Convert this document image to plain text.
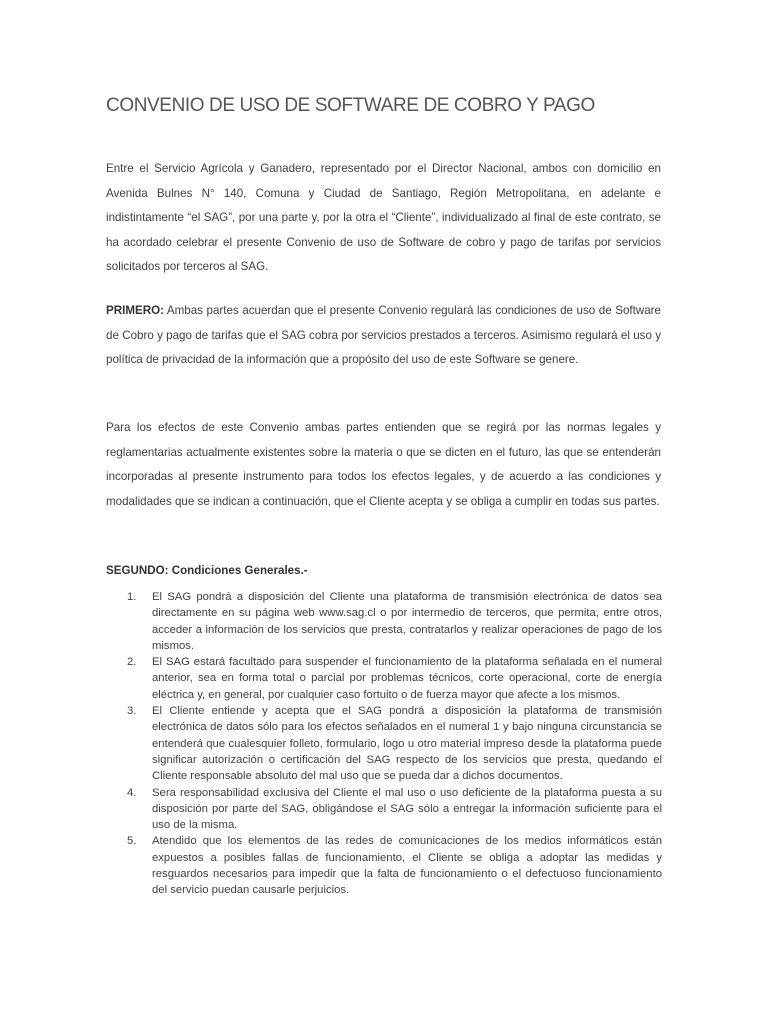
CONVENIO DE USO DE SOFTWARE DE COBRO Y PAGO

Entre el Servicio Agrícola y Ganadero, representado por el Director Nacional, ambos con domicilio en Avenida Bulnes N° 140, Comuna y Ciudad de Santiago, Región Metropolitana, en adelante e indistintamente “el SAG”, por una parte y, por la otra el “Cliente”, individualizado al final de este contrato, se ha acordado celebrar el presente Convenio de uso de Software de cobro y pago de tarifas por servicios solicitados por terceros al SAG.

PRIMERO: Ambas partes acuerdan que el presente Convenio regulará las condiciones de uso de Software de Cobro y pago de tarifas que el SAG cobra por servicios prestados a terceros. Asimismo regulará el uso y política de privacidad de la información que a propósito del uso de este Software se genere.

Para los efectos de este Convenio ambas partes entienden que se regirá por las normas legales y reglamentarias actualmente existentes sobre la materia o que se dicten en el futuro, las que se entenderán incorporadas al presente instrumento para todos los efectos legales, y de acuerdo a las condiciones y modalidades que se indican a continuación, que el Cliente acepta y se obliga a cumplir en todas sus partes.

SEGUNDO: Condiciones Generales.-
1. El SAG pondrá a disposición del Cliente una plataforma de transmisión electrónica de datos sea directamente en su página web www.sag.cl o por intermedio de terceros, que permita, entre otros, acceder a información de los servicios que presta, contratarlos y realizar operaciones de pago de los mismos.
2. El SAG estará facultado para suspender el funcionamiento de la plataforma señalada en el numeral anterior, sea en forma total o parcial por problemas técnicos, corte operacional, corte de energía eléctrica y, en general, por cualquier caso fortuito o de fuerza mayor que afecte a los mismos.
3. El Cliente entiende y acepta que el SAG pondrá a disposición la plataforma de transmisión electrónica de datos sólo para los efectos señalados en el numeral 1 y bajo ninguna circunstancia se entenderá que cualesquier folleto, formulario, logo u otro material impreso desde la plataforma puede significar autorización o certificación del SAG respecto de los servicios que presta, quedando el Cliente responsable absoluto del mal uso que se pueda dar a dichos documentos.
4. Sera responsabilidad exclusiva del Cliente el mal uso o uso deficiente de la plataforma puesta a su disposición por parte del SAG, obligándose el SAG sólo a entregar la información suficiente para el uso de la misma.
5. Atendido que los elementos de las redes de comunicaciones de los medios informáticos están expuestos a posibles fallas de funcionamiento, el Cliente se obliga a adoptar las medidas y resguardos necesarios para impedir que la falta de funcionamiento o el defectuoso funcionamiento del servicio puedan causarle perjuicios.
